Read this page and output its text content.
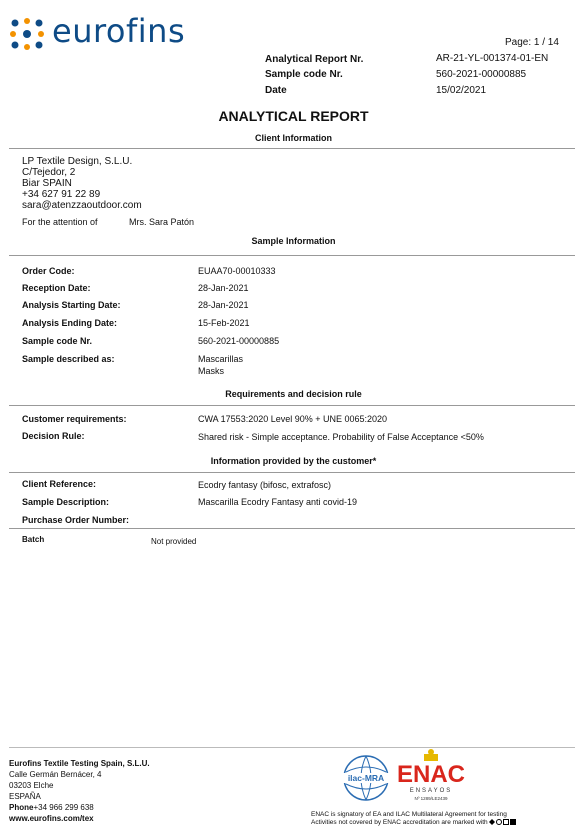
eurofins	Page: 1 / 14
Analytical Report Nr.	AR-21-YL-001374-01-EN
Sample code Nr.	560-2021-00000885
Date	15/02/2021
ANALYTICAL REPORT
Client Information
LP Textile Design, S.L.U.
C/Tejedor, 2
Biar SPAIN
+34 627 91 22 89
sara@atenzzaoutdoor.com
For the attention of	Mrs. Sara Patón
Sample Information
Order Code:	EUAA70-00010333
Reception Date:	28-Jan-2021
Analysis Starting Date:	28-Jan-2021
Analysis Ending Date:	15-Feb-2021
Sample code Nr.	560-2021-00000885
Sample described as:	Mascarillas
Masks
Requirements and decision rule
Customer requirements:	CWA 17553:2020 Level 90% + UNE 0065:2020
Decision Rule:	Shared risk - Simple acceptance. Probability of False Acceptance <50%
Information provided by the customer*
Client Reference:	Ecodry fantasy (bifosc, extrafosc)
Sample Description:	Mascarilla Ecodry Fantasy anti covid-19
Purchase Order Number:
Batch	Not provided
Eurofins Textile Testing Spain, S.L.U.
Calle Germán Bernácer, 4
03203 Elche
ESPAÑA
Phone+34 966 299 638
www.eurofins.com/tex
ilac-MRA ENAC
ENSAYOS
Nº 1289/LE2439
ENAC is signatory of EA and ILAC Multilateral Agreement for testing
Activities not covered by ENAC accreditation are marked with
